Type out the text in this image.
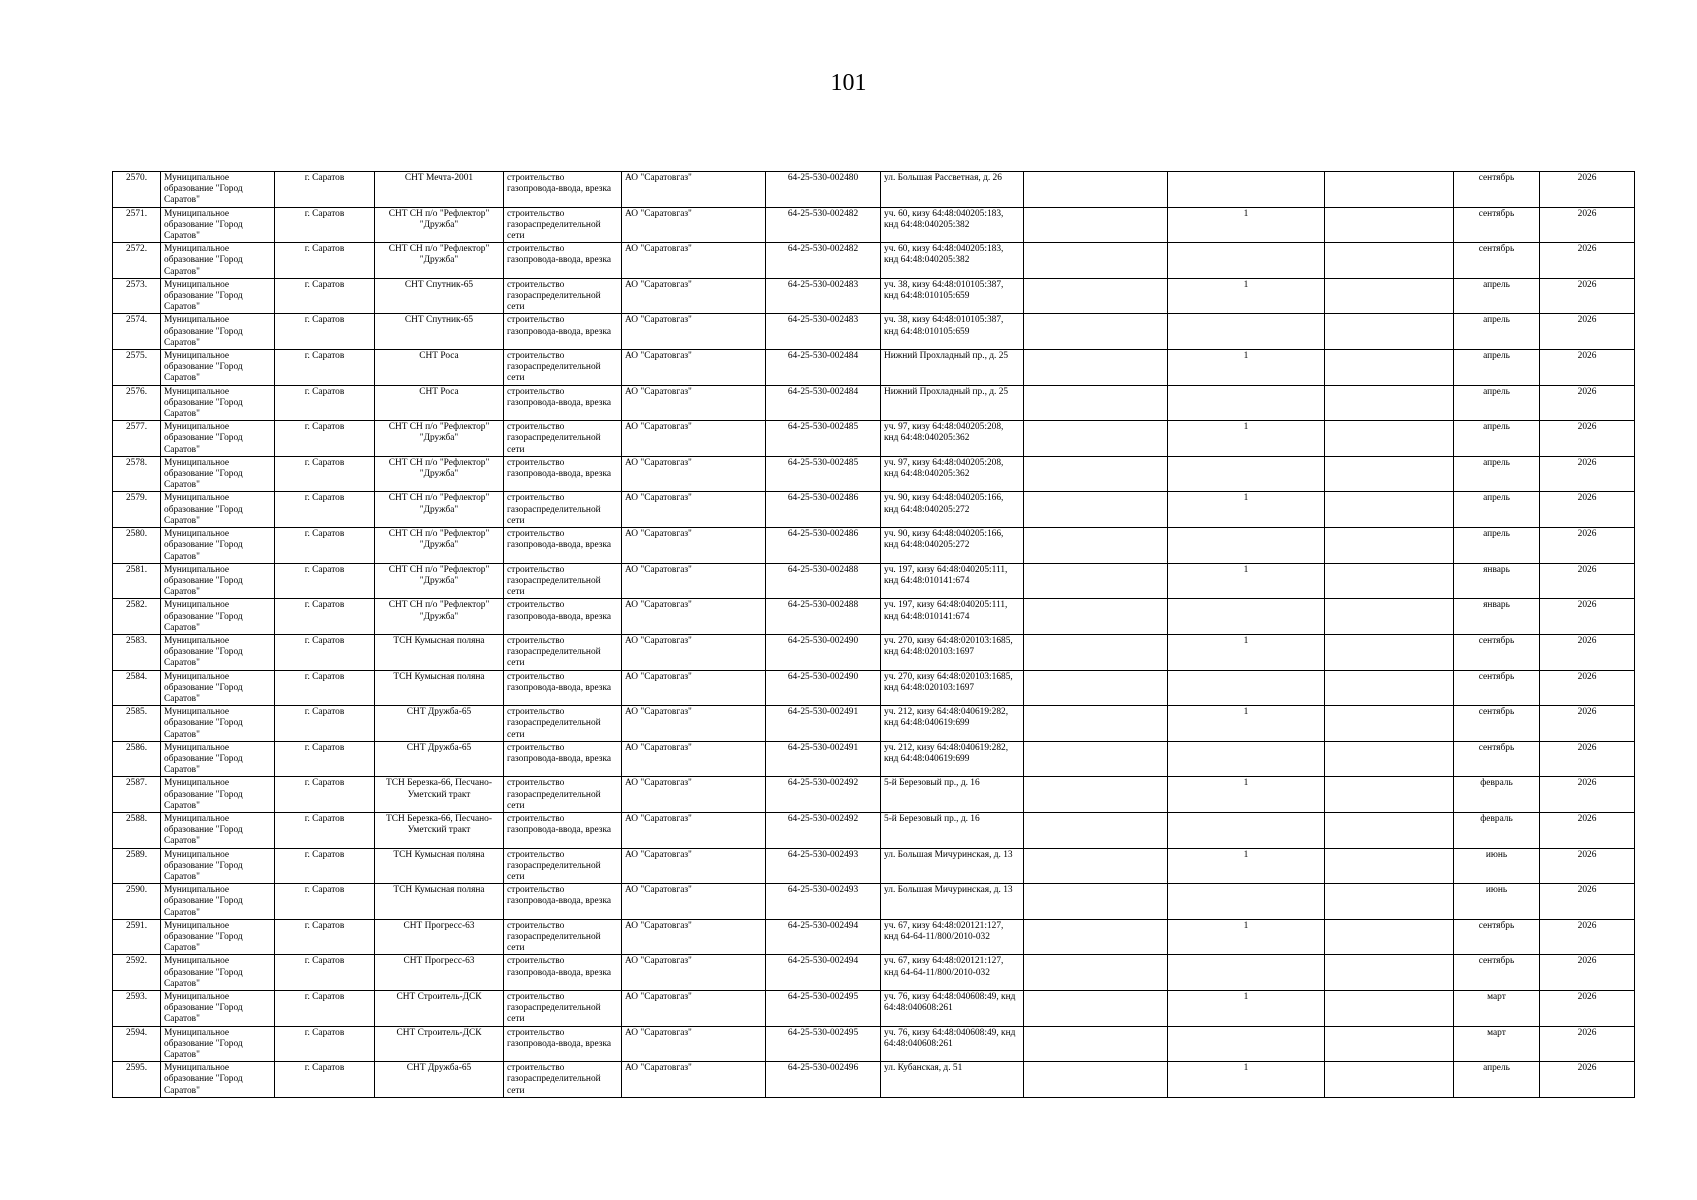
101
2570.	Муниципальное образование "Город Саратов"	г. Саратов	СНТ Мечта-2001	строительство газопровода-ввода, врезка	АО "Саратовгаз"	64-25-530-002480	ул. Большая Рассветная, д. 26				сентябрь	2026
2571.	Муниципальное образование "Город Саратов"	г. Саратов	СНТ СН п/о "Рефлектор" "Дружба"	строительство газораспределительной сети	АО "Саратовгаз"	64-25-530-002482	уч. 60, кизу 64:48:040205:183, кнд 64:48:040205:382		1		сентябрь	2026
2572.	Муниципальное образование "Город Саратов"	г. Саратов	СНТ СН п/о "Рефлектор" "Дружба"	строительство газопровода-ввода, врезка	АО "Саратовгаз"	64-25-530-002482	уч. 60, кизу 64:48:040205:183, кнд 64:48:040205:382				сентябрь	2026
2573.	Муниципальное образование "Город Саратов"	г. Саратов	СНТ Спутник-65	строительство газораспределительной сети	АО "Саратовгаз"	64-25-530-002483	уч. 38, кизу 64:48:010105:387, кнд 64:48:010105:659		1		апрель	2026
2574.	Муниципальное образование "Город Саратов"	г. Саратов	СНТ Спутник-65	строительство газопровода-ввода, врезка	АО "Саратовгаз"	64-25-530-002483	уч. 38, кизу 64:48:010105:387, кнд 64:48:010105:659				апрель	2026
2575.	Муниципальное образование "Город Саратов"	г. Саратов	СНТ Роса	строительство газораспределительной сети	АО "Саратовгаз"	64-25-530-002484	Нижний Прохладный пр., д. 25		1		апрель	2026
2576.	Муниципальное образование "Город Саратов"	г. Саратов	СНТ Роса	строительство газопровода-ввода, врезка	АО "Саратовгаз"	64-25-530-002484	Нижний Прохладный пр., д. 25				апрель	2026
2577.	Муниципальное образование "Город Саратов"	г. Саратов	СНТ СН п/о "Рефлектор" "Дружба"	строительство газораспределительной сети	АО "Саратовгаз"	64-25-530-002485	уч. 97, кизу 64:48:040205:208, кнд 64:48:040205:362		1		апрель	2026
2578.	Муниципальное образование "Город Саратов"	г. Саратов	СНТ СН п/о "Рефлектор" "Дружба"	строительство газопровода-ввода, врезка	АО "Саратовгаз"	64-25-530-002485	уч. 97, кизу 64:48:040205:208, кнд 64:48:040205:362				апрель	2026
2579.	Муниципальное образование "Город Саратов"	г. Саратов	СНТ СН п/о "Рефлектор" "Дружба"	строительство газораспределительной сети	АО "Саратовгаз"	64-25-530-002486	уч. 90, кизу 64:48:040205:166, кнд 64:48:040205:272		1		апрель	2026
2580.	Муниципальное образование "Город Саратов"	г. Саратов	СНТ СН п/о "Рефлектор" "Дружба"	строительство газопровода-ввода, врезка	АО "Саратовгаз"	64-25-530-002486	уч. 90, кизу 64:48:040205:166, кнд 64:48:040205:272				апрель	2026
2581.	Муниципальное образование "Город Саратов"	г. Саратов	СНТ СН п/о "Рефлектор" "Дружба"	строительство газораспределительной сети	АО "Саратовгаз"	64-25-530-002488	уч. 197, кизу 64:48:040205:111, кнд 64:48:010141:674		1		январь	2026
2582.	Муниципальное образование "Город Саратов"	г. Саратов	СНТ СН п/о "Рефлектор" "Дружба"	строительство газопровода-ввода, врезка	АО "Саратовгаз"	64-25-530-002488	уч. 197, кизу 64:48:040205:111, кнд 64:48:010141:674				январь	2026
2583.	Муниципальное образование "Город Саратов"	г. Саратов	ТСН Кумысная поляна	строительство газораспределительной сети	АО "Саратовгаз"	64-25-530-002490	уч. 270, кизу 64:48:020103:1685, кнд 64:48:020103:1697		1		сентябрь	2026
2584.	Муниципальное образование "Город Саратов"	г. Саратов	ТСН Кумысная поляна	строительство газопровода-ввода, врезка	АО "Саратовгаз"	64-25-530-002490	уч. 270, кизу 64:48:020103:1685, кнд 64:48:020103:1697				сентябрь	2026
2585.	Муниципальное образование "Город Саратов"	г. Саратов	СНТ Дружба-65	строительство газораспределительной сети	АО "Саратовгаз"	64-25-530-002491	уч. 212, кизу 64:48:040619:282, кнд 64:48:040619:699		1		сентябрь	2026
2586.	Муниципальное образование "Город Саратов"	г. Саратов	СНТ Дружба-65	строительство газопровода-ввода, врезка	АО "Саратовгаз"	64-25-530-002491	уч. 212, кизу 64:48:040619:282, кнд 64:48:040619:699				сентябрь	2026
2587.	Муниципальное образование "Город Саратов"	г. Саратов	ТСН Березка-66, Песчано-Уметский тракт	строительство газораспределительной сети	АО "Саратовгаз"	64-25-530-002492	5-й Березовый пр., д. 16		1		февраль	2026
2588.	Муниципальное образование "Город Саратов"	г. Саратов	ТСН Березка-66, Песчано-Уметский тракт	строительство газопровода-ввода, врезка	АО "Саратовгаз"	64-25-530-002492	5-й Березовый пр., д. 16				февраль	2026
2589.	Муниципальное образование "Город Саратов"	г. Саратов	ТСН Кумысная поляна	строительство газораспределительной сети	АО "Саратовгаз"	64-25-530-002493	ул. Большая Мичуринская, д. 13		1		июнь	2026
2590.	Муниципальное образование "Город Саратов"	г. Саратов	ТСН Кумысная поляна	строительство газопровода-ввода, врезка	АО "Саратовгаз"	64-25-530-002493	ул. Большая Мичуринская, д. 13				июнь	2026
2591.	Муниципальное образование "Город Саратов"	г. Саратов	СНТ Прогресс-63	строительство газораспределительной сети	АО "Саратовгаз"	64-25-530-002494	уч. 67, кизу 64:48:020121:127, кнд 64-64-11/800/2010-032		1		сентябрь	2026
2592.	Муниципальное образование "Город Саратов"	г. Саратов	СНТ Прогресс-63	строительство газопровода-ввода, врезка	АО "Саратовгаз"	64-25-530-002494	уч. 67, кизу 64:48:020121:127, кнд 64-64-11/800/2010-032				сентябрь	2026
2593.	Муниципальное образование "Город Саратов"	г. Саратов	СНТ Строитель-ДСК	строительство газораспределительной сети	АО "Саратовгаз"	64-25-530-002495	уч. 76, кизу 64:48:040608:49, кнд 64:48:040608:261		1		март	2026
2594.	Муниципальное образование "Город Саратов"	г. Саратов	СНТ Строитель-ДСК	строительство газопровода-ввода, врезка	АО "Саратовгаз"	64-25-530-002495	уч. 76, кизу 64:48:040608:49, кнд 64:48:040608:261				март	2026
2595.	Муниципальное образование "Город Саратов"	г. Саратов	СНТ Дружба-65	строительство газораспределительной сети	АО "Саратовгаз"	64-25-530-002496	ул. Кубанская, д. 51		1		апрель	2026
